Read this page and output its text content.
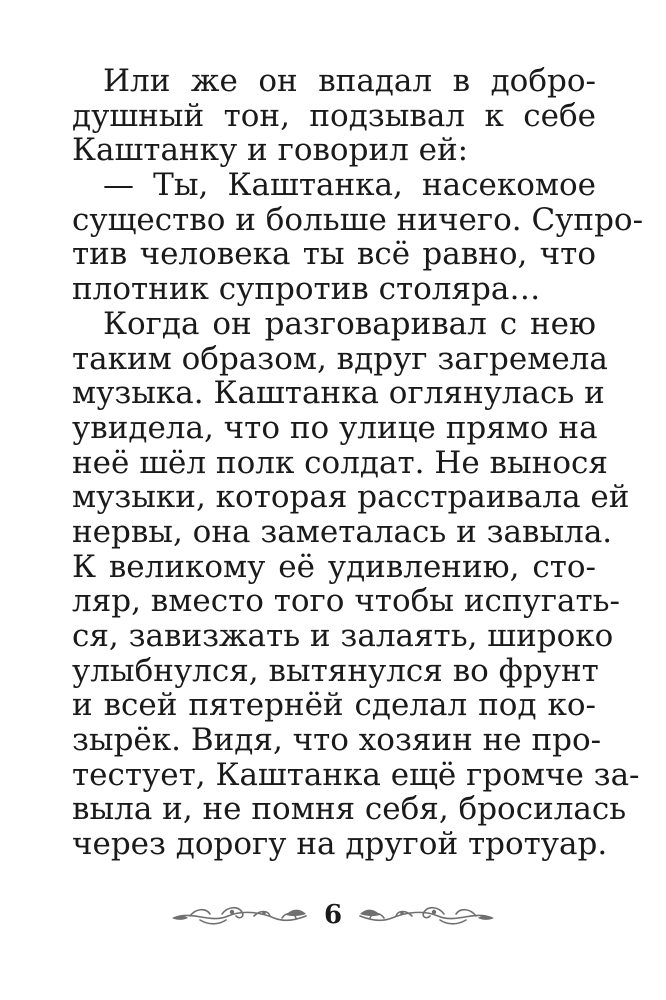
Или же он впадал в добро-
душный тон, подзывал к себе
Каштанку и говорил ей:
— Ты, Каштанка, насекомое
существо и больше ничего. Супро-
тив человека ты всё равно, что
плотник супротив столяра…
Когда он разговаривал с нею
таким образом, вдруг загремела
музыка. Каштанка оглянулась и
увидела, что по улице прямо на
неё шёл полк солдат. Не вынося
музыки, которая расстраивала ей
нервы, она заметалась и завыла.
К великому её удивлению, сто-
ляр, вместо того чтобы испугать-
ся, завизжать и залаять, широко
улыбнулся, вытянулся во фрунт
и всей пятернёй сделал под ко-
зырёк. Видя, что хозяин не про-
тестует, Каштанка ещё громче за-
выла и, не помня себя, бросилась
через дорогу на другой тротуар.
6
